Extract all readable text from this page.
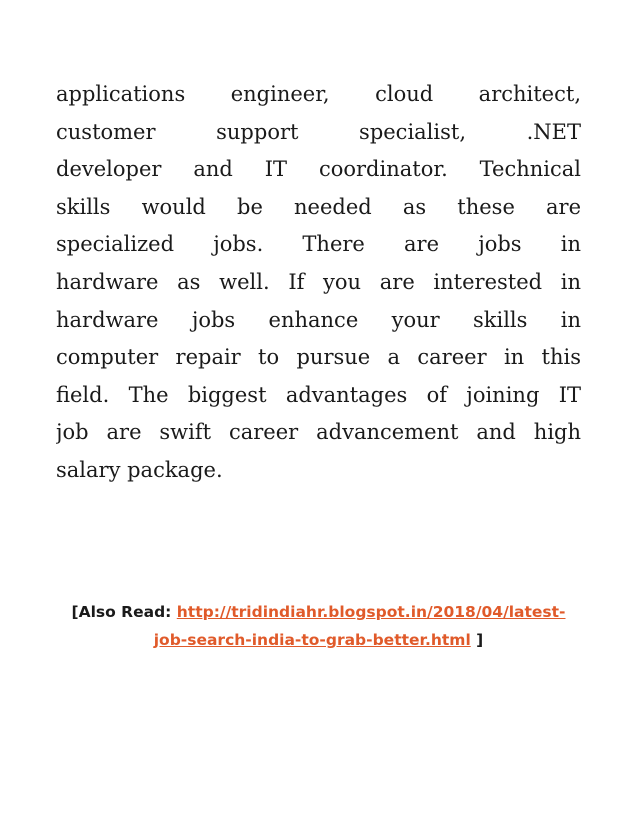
applications engineer, cloud architect,
customer support specialist, .NET
developer and IT coordinator. Technical
skills would be needed as these are
specialized jobs. There are jobs in
hardware as well. If you are interested in
hardware jobs enhance your skills in
computer repair to pursue a career in this
field. The biggest advantages of joining IT
job are swift career advancement and high
salary package.
[Also Read: http://tridindiahr.blogspot.in/2018/04/latest-
job-search-india-to-grab-better.html ]
